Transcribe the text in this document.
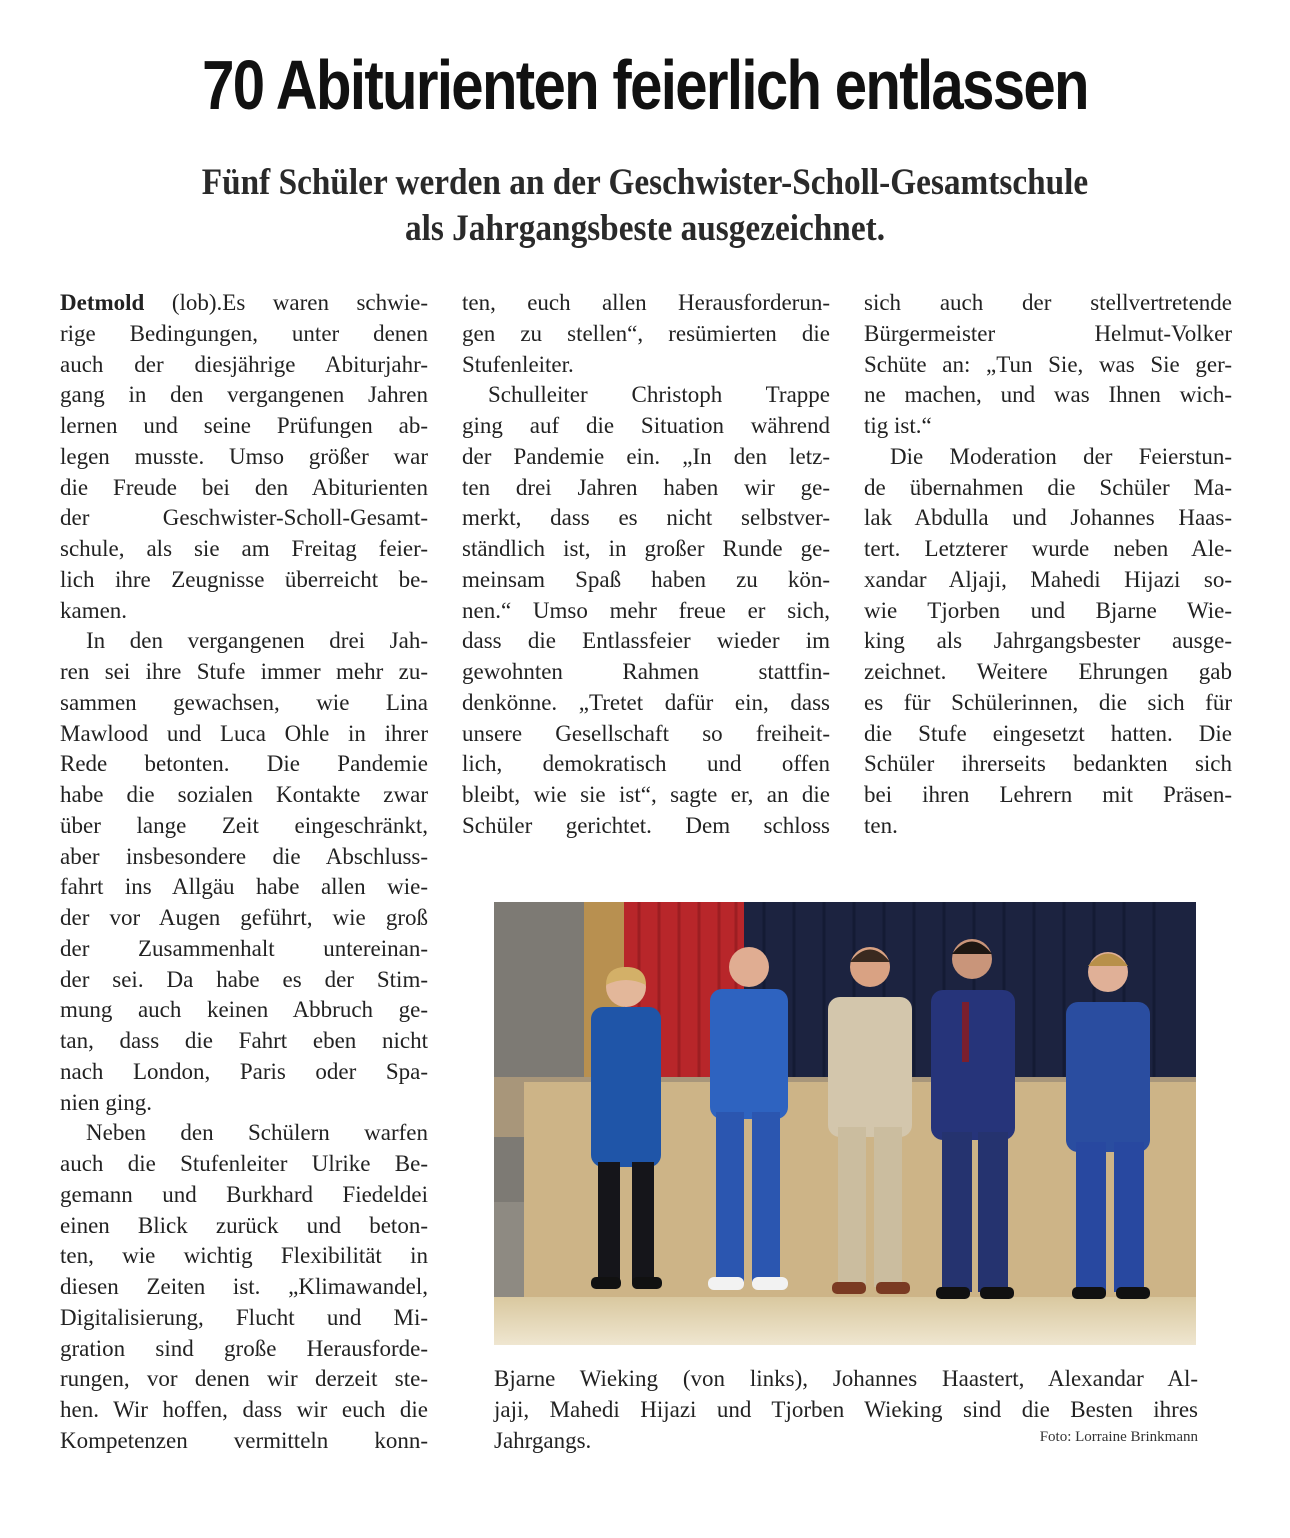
70 Abiturienten feierlich entlassen
Fünf Schüler werden an der Geschwister-Scholl-Gesamtschule
als Jahrgangsbeste ausgezeichnet.
Detmold (lob).Es waren schwie-
rige Bedingungen, unter denen
auch der diesjährige Abiturjahr-
gang in den vergangenen Jahren
lernen und seine Prüfungen ab-
legen musste. Umso größer war
die Freude bei den Abiturienten
der Geschwister-Scholl-Gesamt-
schule, als sie am Freitag feier-
lich ihre Zeugnisse überreicht be-
kamen.
In den vergangenen drei Jah-
ren sei ihre Stufe immer mehr zu-
sammen gewachsen, wie Lina
Mawlood und Luca Ohle in ihrer
Rede betonten. Die Pandemie
habe die sozialen Kontakte zwar
über lange Zeit eingeschränkt,
aber insbesondere die Abschluss-
fahrt ins Allgäu habe allen wie-
der vor Augen geführt, wie groß
der Zusammenhalt untereinan-
der sei. Da habe es der Stim-
mung auch keinen Abbruch ge-
tan, dass die Fahrt eben nicht
nach London, Paris oder Spa-
nien ging.
Neben den Schülern warfen
auch die Stufenleiter Ulrike Be-
gemann und Burkhard Fiedeldei
einen Blick zurück und beton-
ten, wie wichtig Flexibilität in
diesen Zeiten ist. „Klimawandel,
Digitalisierung, Flucht und Mi-
gration sind große Herausforde-
rungen, vor denen wir derzeit ste-
hen. Wir hoffen, dass wir euch die
Kompetenzen vermitteln konn-
ten, euch allen Herausforderun-
gen zu stellen“, resümierten die
Stufenleiter.
Schulleiter Christoph Trappe
ging auf die Situation während
der Pandemie ein. „In den letz-
ten drei Jahren haben wir ge-
merkt, dass es nicht selbstver-
ständlich ist, in großer Runde ge-
meinsam Spaß haben zu kön-
nen.“ Umso mehr freue er sich,
dass die Entlassfeier wieder im
gewohnten Rahmen stattfin-
denkönne. „Tretet dafür ein, dass
unsere Gesellschaft so freiheit-
lich, demokratisch und offen
bleibt, wie sie ist“, sagte er, an die
Schüler gerichtet. Dem schloss
sich auch der stellvertretende
Bürgermeister Helmut-Volker
Schüte an: „Tun Sie, was Sie ger-
ne machen, und was Ihnen wich-
tig ist.“
Die Moderation der Feierstun-
de übernahmen die Schüler Ma-
lak Abdulla und Johannes Haas-
tert. Letzterer wurde neben Ale-
xandar Aljaji, Mahedi Hijazi so-
wie Tjorben und Bjarne Wie-
king als Jahrgangsbester ausge-
zeichnet. Weitere Ehrungen gab
es für Schülerinnen, die sich für
die Stufe eingesetzt hatten. Die
Schüler ihrerseits bedankten sich
bei ihren Lehrern mit Präsen-
ten.
Bjarne Wieking (von links), Johannes Haastert, Alexandar Al-
jaji, Mahedi Hijazi und Tjorben Wieking sind die Besten ihres
Jahrgangs.	Foto: Lorraine Brinkmann
